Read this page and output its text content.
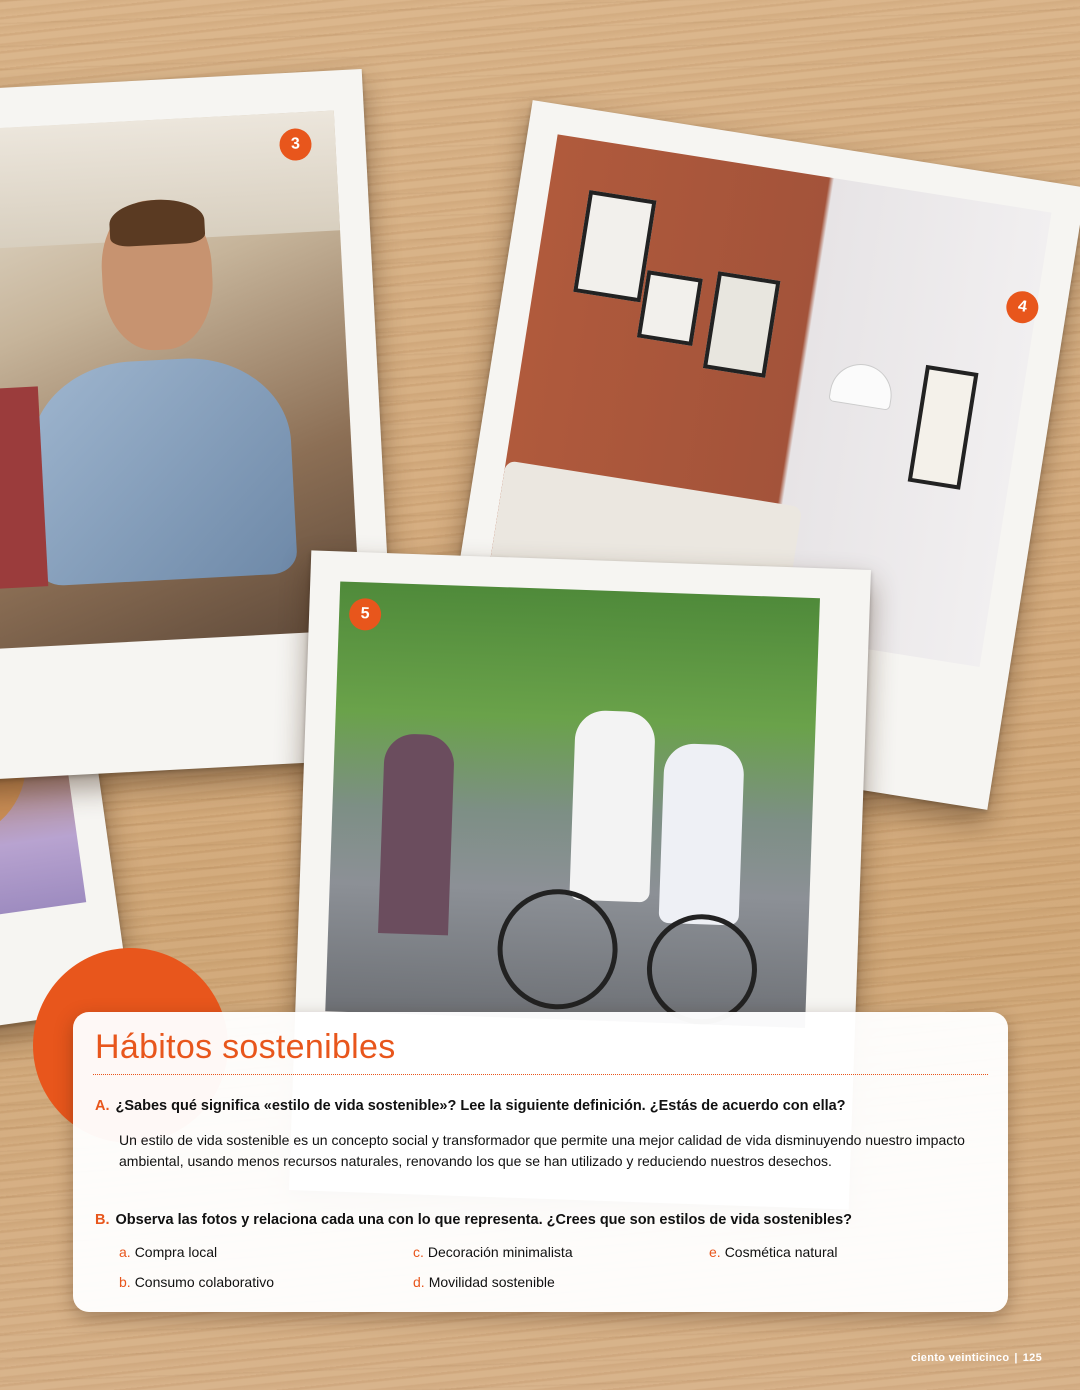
3
4
5
Hábitos sostenibles
A. ¿Sabes qué significa «estilo de vida sostenible»? Lee la siguiente definición. ¿Estás de acuerdo con ella?
Un estilo de vida sostenible es un concepto social y transformador que permite una mejor calidad de vida disminuyendo nuestro impacto ambiental, usando menos recursos naturales, renovando los que se han utilizado y reduciendo nuestros desechos.
B. Observa las fotos y relaciona cada una con lo que representa. ¿Crees que son estilos de vida sostenibles?
a. Compra local
b. Consumo colaborativo
c. Decoración minimalista
d. Movilidad sostenible
e. Cosmética natural
ciento veinticinco | 125
